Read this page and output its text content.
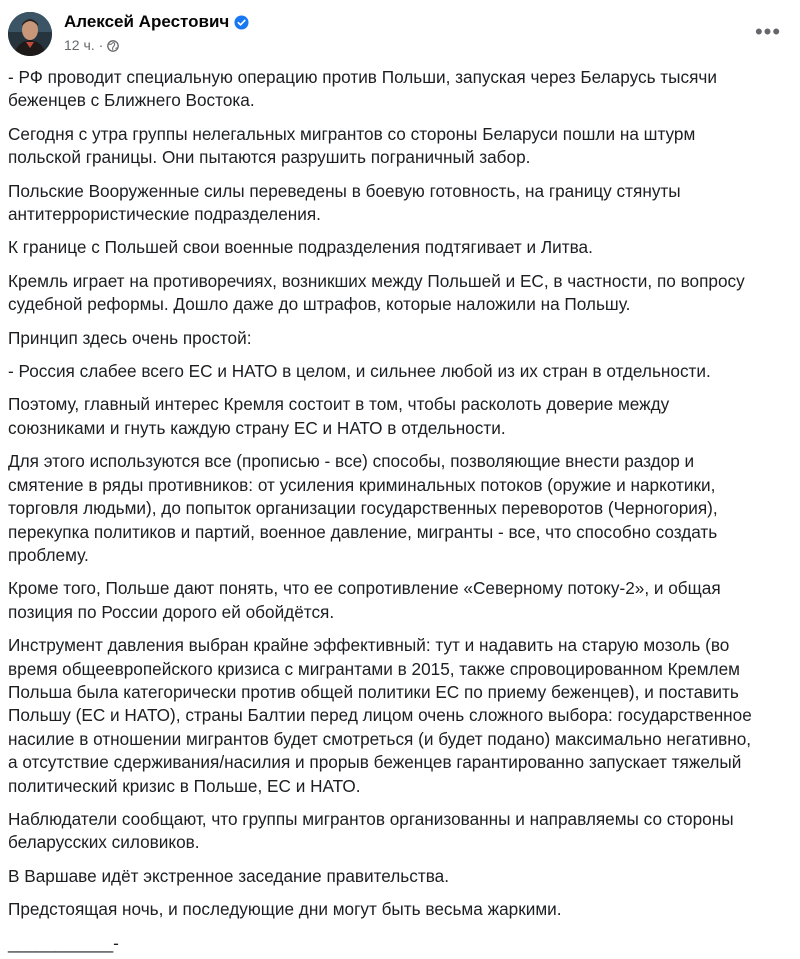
Алексей Арестович
12 ч. ·
•••

- РФ проводит специальную операцию против Польши, запуская через Беларусь тысячи
беженцев с Ближнего Востока.

Сегодня с утра группы нелегальных мигрантов со стороны Беларуси пошли на штурм
польской границы. Они пытаются разрушить пограничный забор.

Польские Вооруженные силы переведены в боевую готовность, на границу стянуты
антитеррористические подразделения.

К границе с Польшей свои военные подразделения подтягивает и Литва.

Кремль играет на противоречиях, возникших между Польшей и ЕС, в частности, по вопросу
судебной реформы. Дошло даже до штрафов, которые наложили на Польшу.

Принцип здесь очень простой:

- Россия слабее всего ЕС и НАТО в целом, и сильнее любой из их стран в отдельности.

Поэтому, главный интерес Кремля состоит в том, чтобы расколоть доверие между
союзниками и гнуть каждую страну ЕС и НАТО в отдельности.

Для этого используются все (прописью - все) способы, позволяющие внести раздор и
смятение в ряды противников: от усиления криминальных потоков (оружие и наркотики,
торговля людьми), до попыток организации государственных переворотов (Черногория),
перекупка политиков и партий, военное давление, мигранты - все, что способно создать
проблему.

Кроме того, Польше дают понять, что ее сопротивление «Северному потоку-2», и общая
позиция по России дорого ей обойдётся.

Инструмент давления выбран крайне эффективный: тут и надавить на старую мозоль (во
время общеевропейского кризиса с мигрантами в 2015, также спровоцированном Кремлем
Польша была категорически против общей политики ЕС по приему беженцев), и поставить
Польшу (ЕС и НАТО), страны Балтии перед лицом очень сложного выбора: государственное
насилие в отношении мигрантов будет смотреться (и будет подано) максимально негативно,
а отсутствие сдерживания/насилия и прорыв беженцев гарантированно запускает тяжелый
политический кризис в Польше, ЕС и НАТО.

Наблюдатели сообщают, что группы мигрантов организованны и направляемы со стороны
беларусских силовиков.

В Варшаве идёт экстренное заседание правительства.

Предстоящая ночь, и последующие дни могут быть весьма жаркими.

___________-
